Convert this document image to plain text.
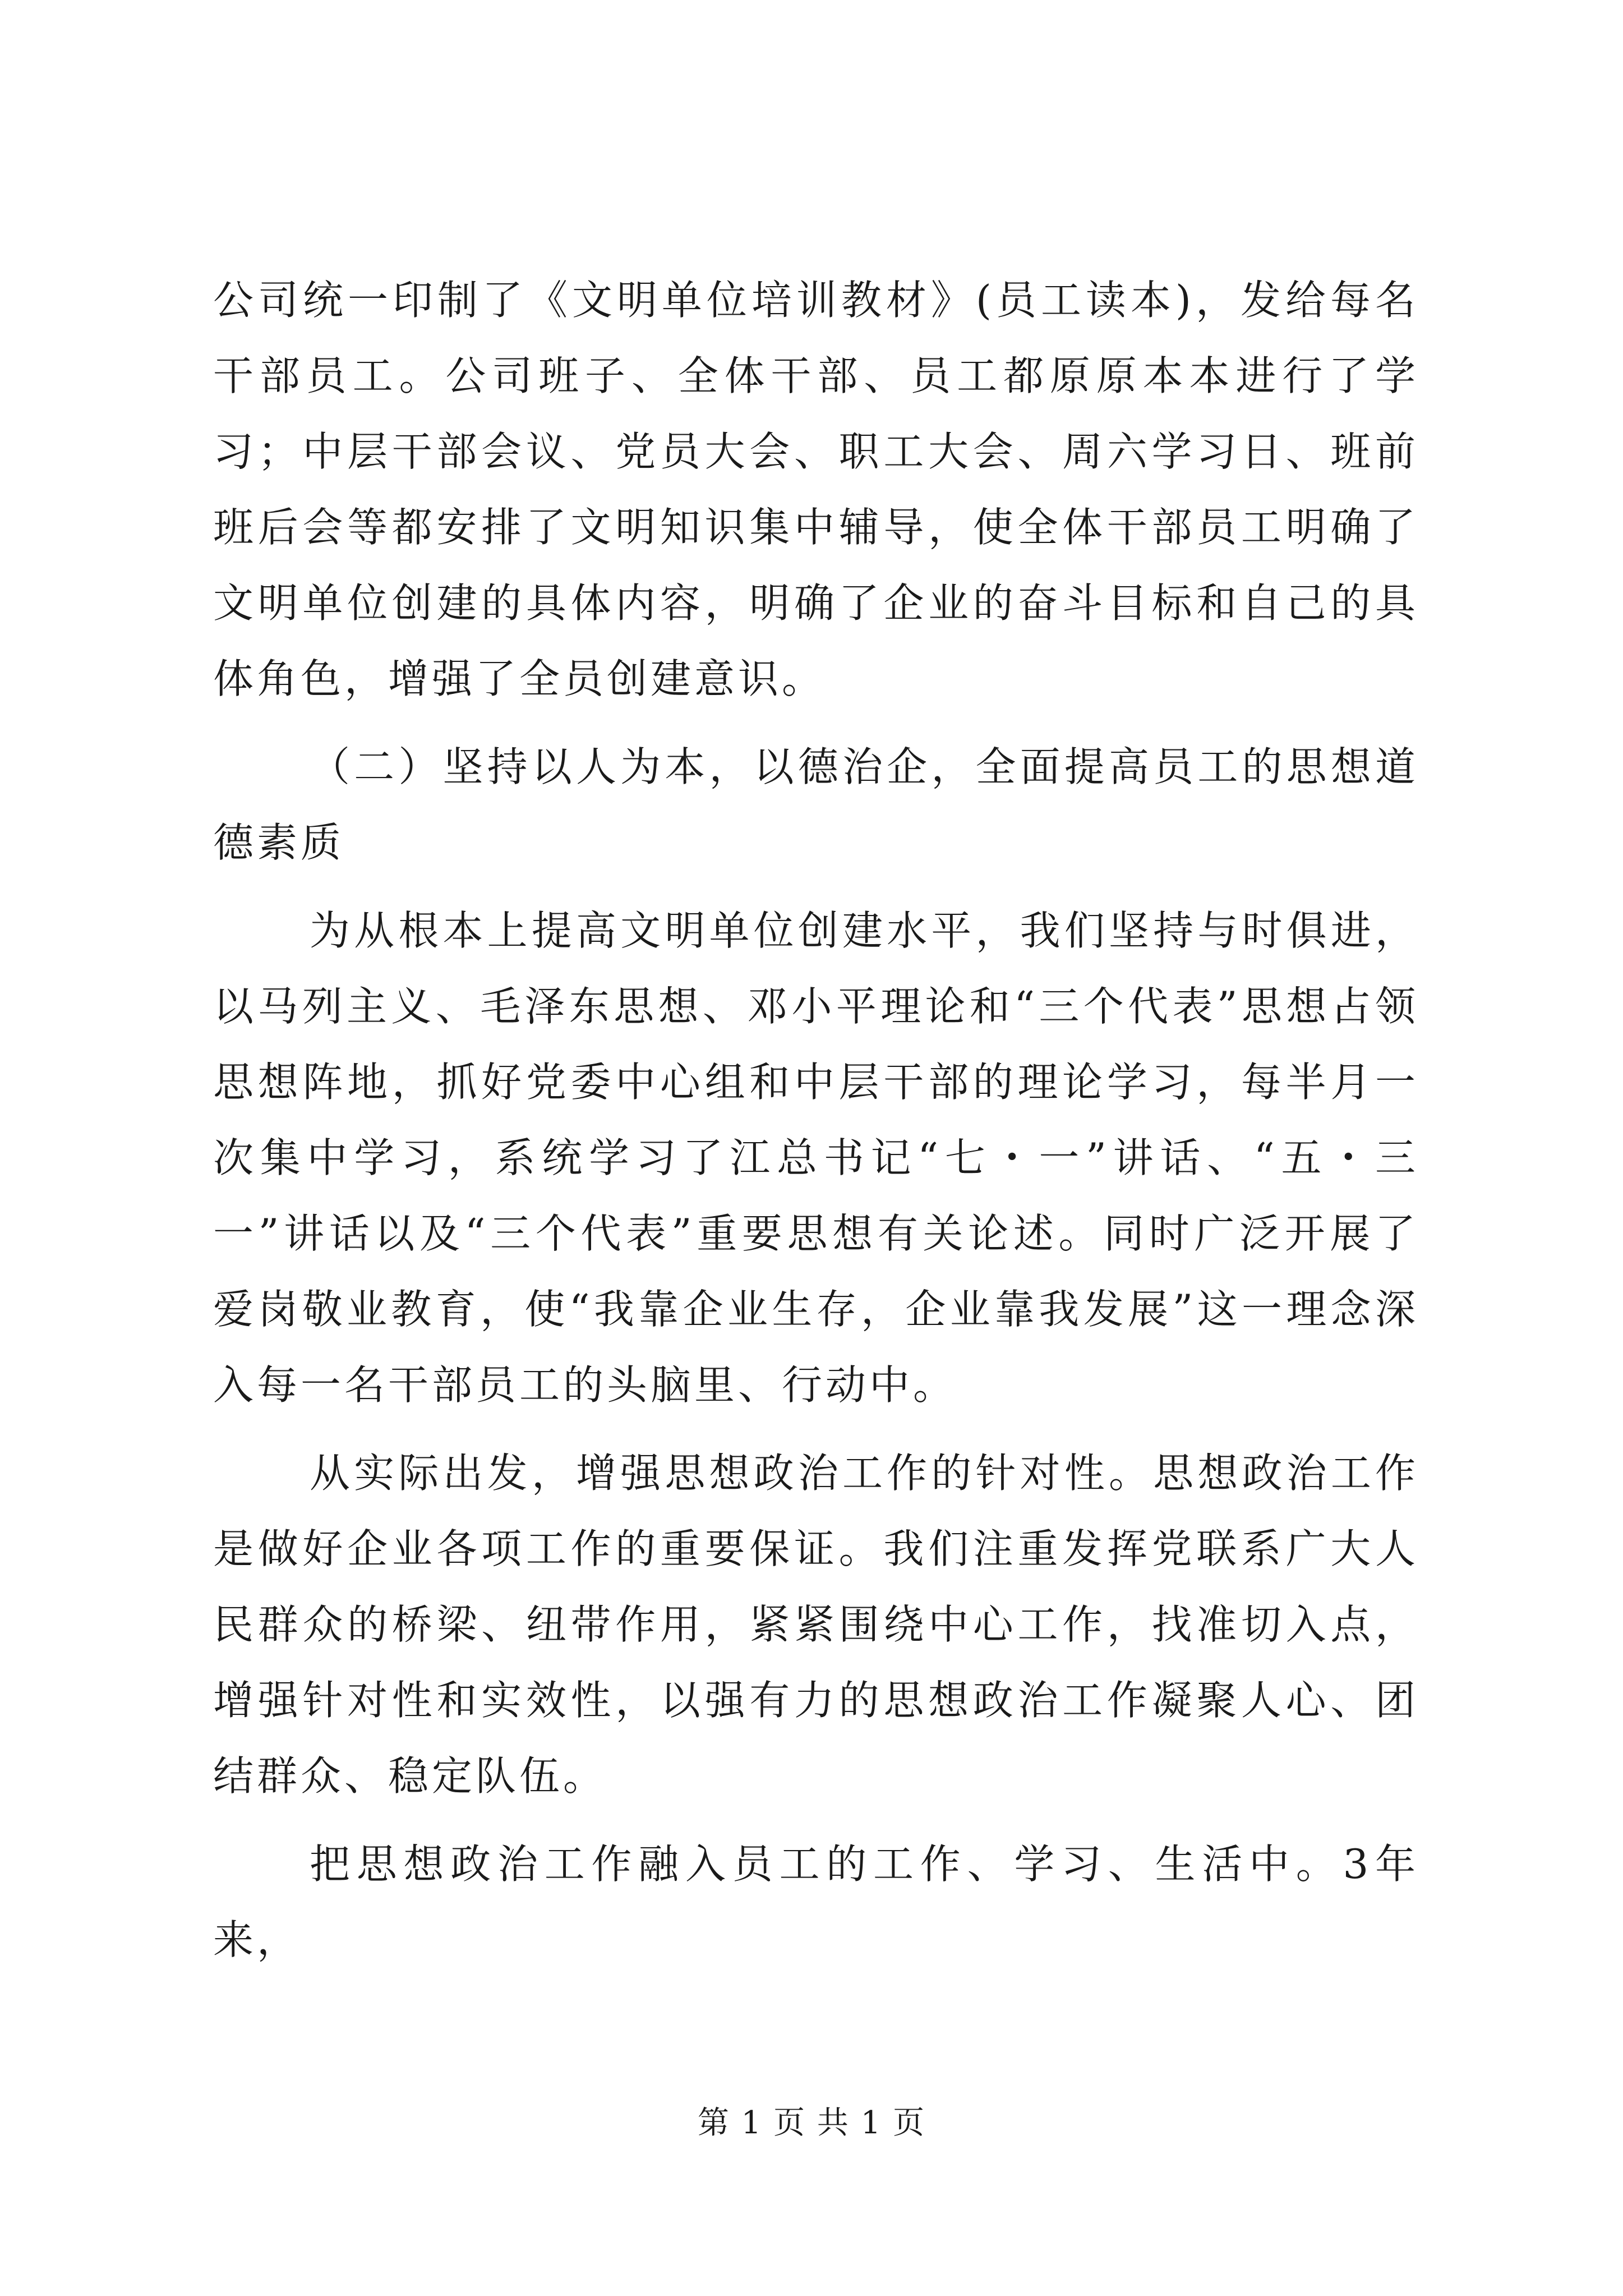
公司统一印制了《文明单位培训教材》(员工读本)，发给每名干部员工。公司班子、全体干部、员工都原原本本进行了学习；中层干部会议、党员大会、职工大会、周六学习日、班前班后会等都安排了文明知识集中辅导，使全体干部员工明确了文明单位创建的具体内容，明确了企业的奋斗目标和自己的具体角色，增强了全员创建意识。

（二）坚持以人为本，以德治企，全面提高员工的思想道德素质

为从根本上提高文明单位创建水平，我们坚持与时俱进，以马列主义、毛泽东思想、邓小平理论和“三个代表”思想占领思想阵地，抓好党委中心组和中层干部的理论学习，每半月一次集中学习，系统学习了江总书记“七・一”讲话、“五・三一”讲话以及“三个代表”重要思想有关论述。同时广泛开展了爱岗敬业教育，使“我靠企业生存，企业靠我发展”这一理念深入每一名干部员工的头脑里、行动中。

从实际出发，增强思想政治工作的针对性。思想政治工作是做好企业各项工作的重要保证。我们注重发挥党联系广大人民群众的桥梁、纽带作用，紧紧围绕中心工作，找准切入点，增强针对性和实效性，以强有力的思想政治工作凝聚人心、团结群众、稳定队伍。

把思想政治工作融入员工的工作、学习、生活中。3年来，

第 1 页 共 1 页
